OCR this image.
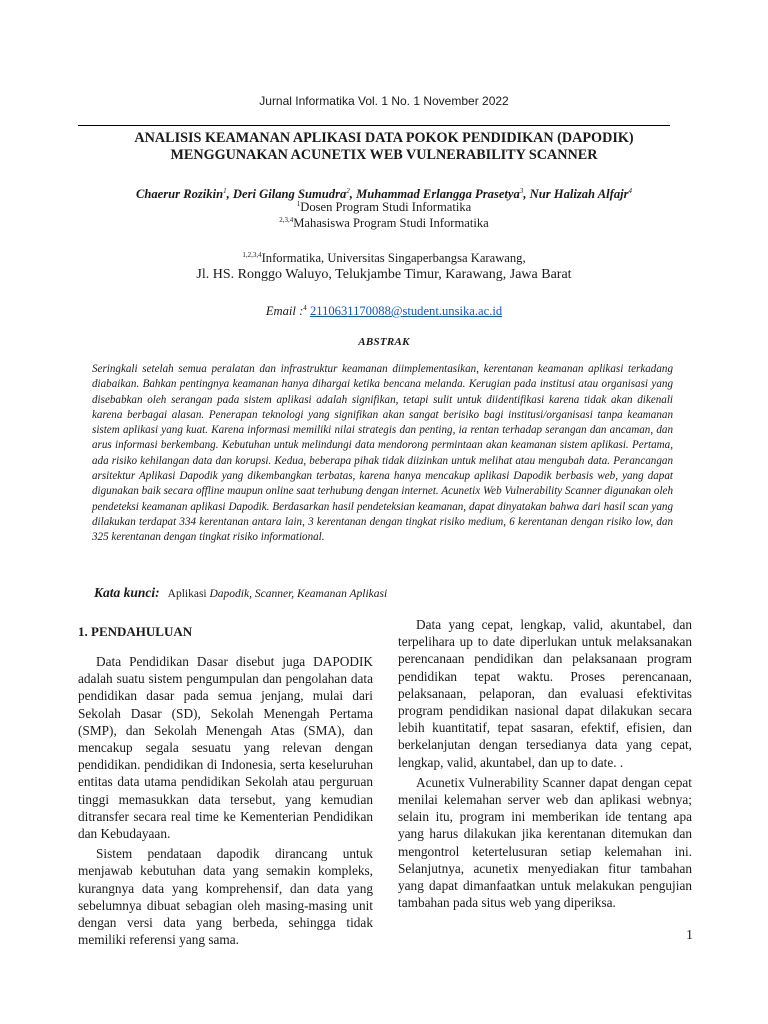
Jurnal Informatika Vol. 1 No. 1 November 2022
ANALISIS KEAMANAN APLIKASI DATA POKOK PENDIDIKAN (DAPODIK)
MENGGUNAKAN ACUNETIX WEB VULNERABILITY SCANNER
Chaerur Rozikin$^1$, Deri Gilang Sumudra$^2$, Muhammad Erlangga Prasetya$^3$, Nur Halizah Alfajr$^4$
$^1$Dosen Program Studi Informatika
$^{2,3,4}$Mahasiswa Program Studi Informatika
$^{1,2,3,4}$Informatika, Universitas Singaperbangsa Karawang,
Jl. HS. Ronggo Waluyo, Telukjambe Timur, Karawang, Jawa Barat
Email :$^4$ 2110631170088@student.unsika.ac.id
ABSTRAK

Seringkali setelah semua peralatan dan infrastruktur keamanan diimplementasikan, kerentanan keamanan aplikasi terkadang diabaikan. Bahkan pentingnya keamanan hanya dihargai ketika bencana melanda. Kerugian pada institusi atau organisasi yang disebabkan oleh serangan pada sistem aplikasi adalah signifikan, tetapi sulit untuk diidentifikasi karena tidak akan dikenali karena berbagai alasan. Penerapan teknologi yang signifikan akan sangat berisiko bagi institusi/organisasi tanpa keamanan sistem aplikasi yang kuat. Karena informasi memiliki nilai strategis dan penting, ia rentan terhadap serangan dan ancaman, dan arus informasi berkembang. Kebutuhan untuk melindungi data mendorong permintaan akan keamanan sistem aplikasi. Pertama, ada risiko kehilangan data dan korupsi. Kedua, beberapa pihak tidak diizinkan untuk melihat atau mengubah data. Perancangan arsitektur Aplikasi Dapodik yang dikembangkan terbatas, karena hanya mencakup aplikasi Dapodik berbasis web, yang dapat digunakan baik secara offline maupun online saat terhubung dengan internet. Acunetix Web Vulnerability Scanner digunakan oleh pendeteksi keamanan aplikasi Dapodik. Berdasarkan hasil pendeteksian keamanan, dapat dinyatakan bahwa dari hasil scan yang dilakukan terdapat 334 kerentanan antara lain, 3 kerentanan dengan tingkat risiko medium, 6 kerentanan dengan risiko low, dan 325 kerentanan dengan tingkat risiko informational.

Kata kunci: Aplikasi Dapodik, Scanner, Keamanan Aplikasi
1. PENDAHULUAN

Data Pendidikan Dasar disebut juga DAPODIK adalah suatu sistem pengumpulan dan pengolahan data pendidikan dasar pada semua jenjang, mulai dari Sekolah Dasar (SD), Sekolah Menengah Pertama (SMP), dan Sekolah Menengah Atas (SMA), dan mencakup segala sesuatu yang relevan dengan pendidikan. pendidikan di Indonesia, serta keseluruhan entitas data utama pendidikan Sekolah atau perguruan tinggi memasukkan data tersebut, yang kemudian ditransfer secara real time ke Kementerian Pendidikan dan Kebudayaan.

Sistem pendataan dapodik dirancang untuk menjawab kebutuhan data yang semakin kompleks, kurangnya data yang komprehensif, dan data yang sebelumnya dibuat sebagian oleh masing-masing unit dengan versi data yang berbeda, sehingga tidak memiliki referensi yang sama.

Data yang cepat, lengkap, valid, akuntabel, dan terpelihara up to date diperlukan untuk melaksanakan perencanaan pendidikan dan pelaksanaan program pendidikan tepat waktu. Proses perencanaan, pelaksanaan, pelaporan, dan evaluasi efektivitas program pendidikan nasional dapat dilakukan secara lebih kuantitatif, tepat sasaran, efektif, efisien, dan berkelanjutan dengan tersedianya data yang cepat, lengkap, valid, akuntabel, dan up to date. .

Acunetix Vulnerability Scanner dapat dengan cepat menilai kelemahan server web dan aplikasi webnya; selain itu, program ini memberikan ide tentang apa yang harus dilakukan jika kerentanan ditemukan dan mengontrol ketertelusuran setiap kelemahan ini. Selanjutnya, acunetix menyediakan fitur tambahan yang dapat dimanfaatkan untuk melakukan pengujian tambahan pada situs web yang diperiksa.

1
